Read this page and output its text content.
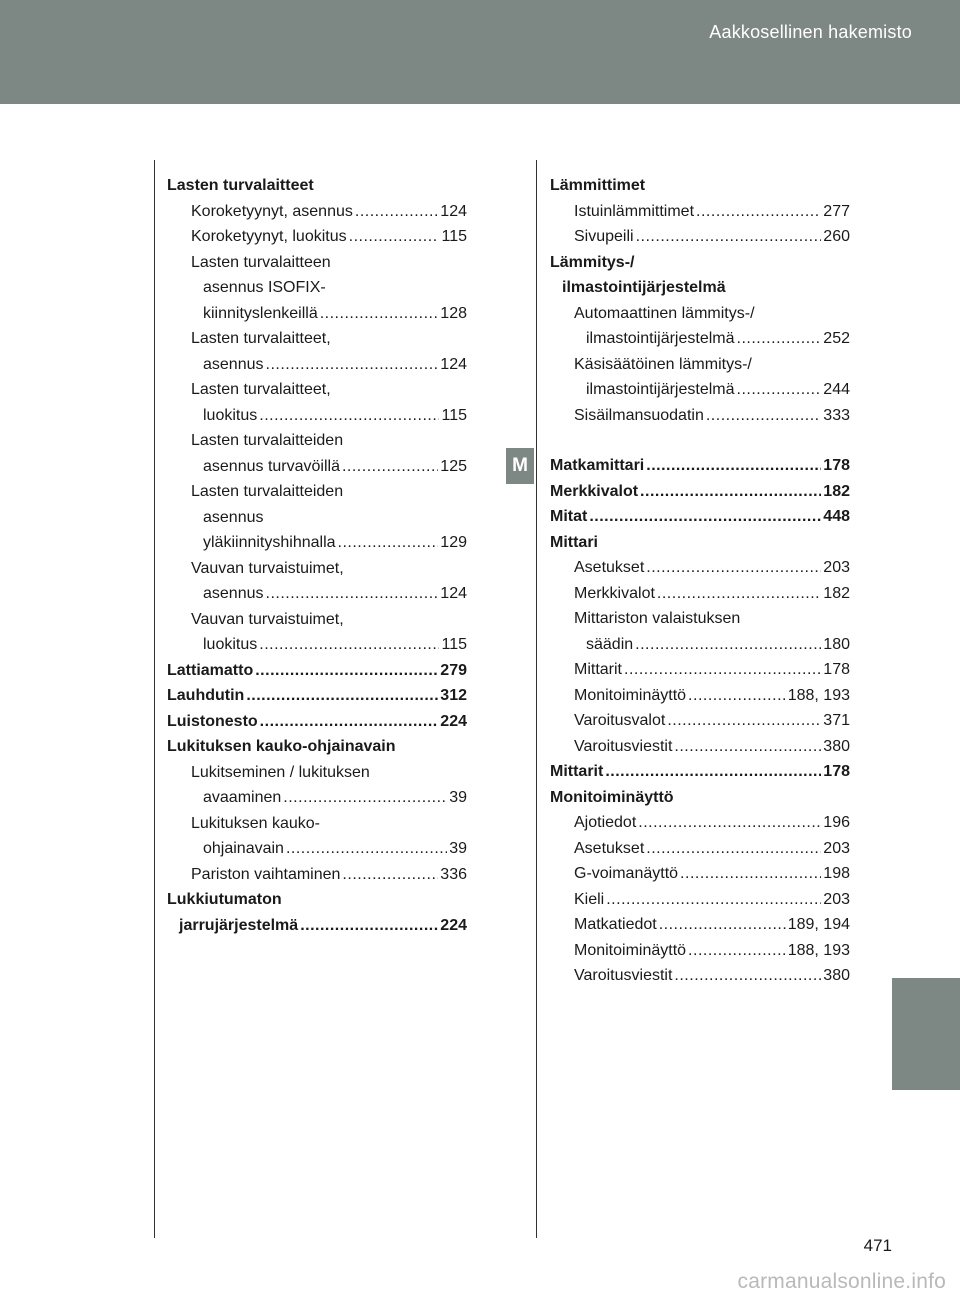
Aakkosellinen hakemisto
M
Lasten turvalaitteet
Koroketyynyt, asennus .....	124
Koroketyynyt, luokitus .....	115
Lasten turvalaitteen
asennus ISOFIX-
kiinnityslenkeillä .....	128
Lasten turvalaitteet,
asennus .....	124
Lasten turvalaitteet,
luokitus .....	115
Lasten turvalaitteiden
asennus turvavöillä .....	125
Lasten turvalaitteiden
asennus
yläkiinnityshihnalla .....	129
Vauvan turvaistuimet,
asennus .....	124
Vauvan turvaistuimet,
luokitus .....	115
Lattiamatto .....	279
Lauhdutin .....	312
Luistonesto .....	224
Lukituksen kauko-ohjainavain
Lukitseminen / lukituksen
avaaminen .....	39
Lukituksen kauko-
ohjainavain .....	39
Pariston vaihtaminen .....	336
Lukkiutumaton
jarrujärjestelmä .....	224
Lämmittimet
Istuinlämmittimet .....	277
Sivupeili .....	260
Lämmitys-/
ilmastointijärjestelmä
Automaattinen lämmitys-/
ilmastointijärjestelmä .....	252
Käsisäätöinen lämmitys-/
ilmastointijärjestelmä .....	244
Sisäilmansuodatin .....	333
Matkamittari .....	178
Merkkivalot .....	182
Mitat .....	448
Mittari
Asetukset .....	203
Merkkivalot .....	182
Mittariston valaistuksen
säädin .....	180
Mittarit .....	178
Monitoiminäyttö .....	188, 193
Varoitusvalot .....	371
Varoitusviestit .....	380
Mittarit .....	178
Monitoiminäyttö
Ajotiedot .....	196
Asetukset .....	203
G-voimanäyttö .....	198
Kieli .....	203
Matkatiedot .....	189, 194
Monitoiminäyttö .....	188, 193
Varoitusviestit .....	380
471
carmanualsonline.info
